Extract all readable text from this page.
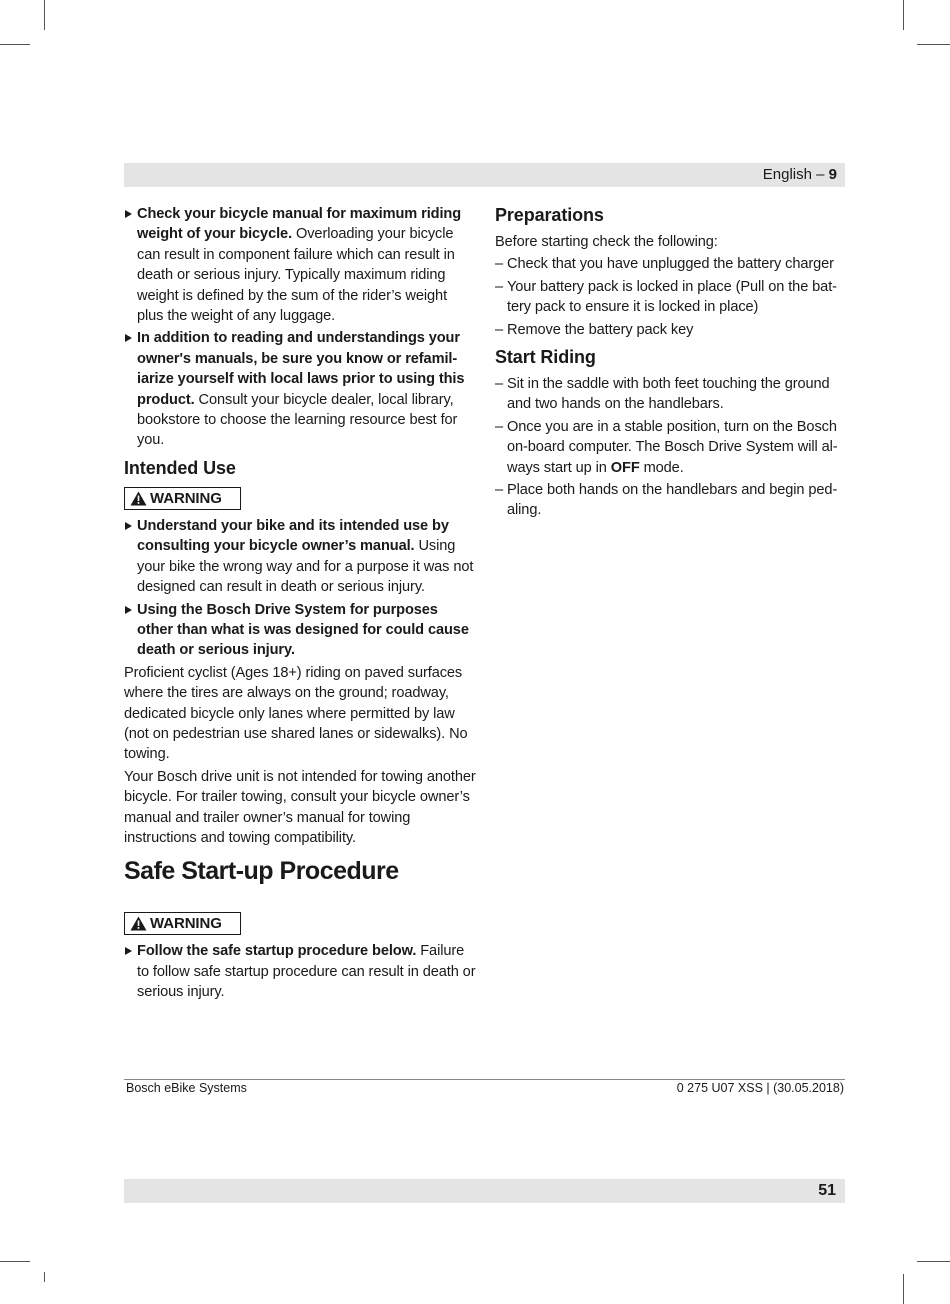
English – 9

Check your bicycle manual for maximum riding weight of your bicycle. Overloading your bicycle can result in component failure which can result in death or serious injury. Typically maximum riding weight is defined by the sum of the rider’s weight plus the weight of any luggage.

In addition to reading and understandings your owner's manuals, be sure you know or refamiliarize yourself with local laws prior to using this product. Consult your bicycle dealer, local library, bookstore to choose the learning resource best for you.

Intended Use
WARNING

Understand your bike and its intended use by consulting your bicycle owner’s manual. Using your bike the wrong way and for a purpose it was not designed can result in death or serious injury.

Using the Bosch Drive System for purposes other than what is was designed for could cause death or serious injury.

Proficient cyclist (Ages 18+) riding on paved surfaces where the tires are always on the ground; roadway, dedicated bicycle only lanes where permitted by law (not on pedestrian use shared lanes or sidewalks). No towing.

Your Bosch drive unit is not intended for towing another bicycle. For trailer towing, consult your bicycle owner’s manual and trailer owner’s manual for towing instructions and towing compatibility.

Safe Start-up Procedure
WARNING

Follow the safe startup procedure below. Failure to follow safe startup procedure can result in death or serious injury.

Preparations

Before starting check the following:

– Check that you have unplugged the battery charger

– Your battery pack is locked in place (Pull on the battery pack to ensure it is locked in place)

– Remove the battery pack key

Start Riding

– Sit in the saddle with both feet touching the ground and two hands on the handlebars.

– Once you are in a stable position, turn on the Bosch on-board computer. The Bosch Drive System will always start up in OFF mode.

– Place both hands on the handlebars and begin pedaling.

Bosch eBike Systems	0 275 U07 XSS | (30.05.2018)
51
